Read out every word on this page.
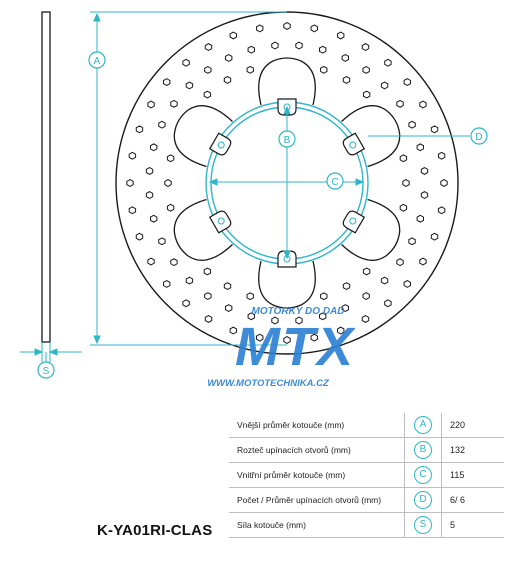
A
B
C
D
S
MOTORKY DO DAD
MTX
WWW.MOTOTECHNIKA.CZ
Vnější průměr kotouče (mm)	A	220
Rozteč upínacích otvorů (mm)	B	132
Vnitřní průměr kotouče (mm)	C	115
Počet / Průměr upínacích otvorů (mm)	D	6/ 6
Síla kotouče (mm)	S	5
K-YA01RI-CLAS
